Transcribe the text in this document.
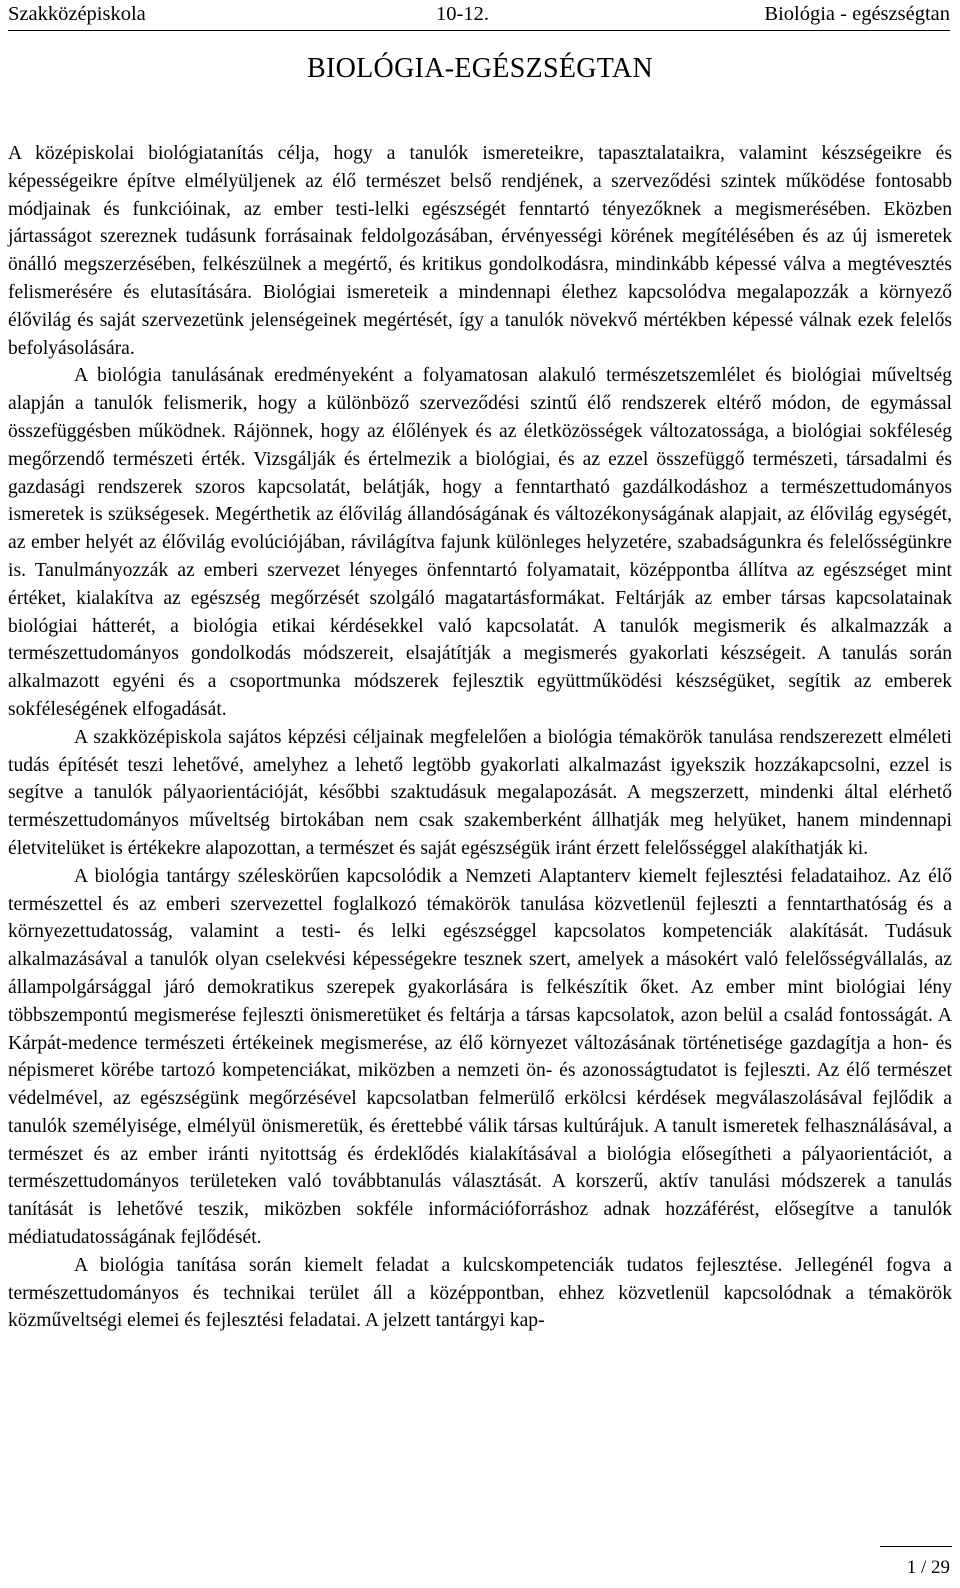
Szakközépiskola	10-12.	Biológia - egészségtan
BIOLÓGIA-EGÉSZSÉGTAN

A középiskolai biológiatanítás célja, hogy a tanulók ismereteikre, tapasztalataikra, valamint készségeikre és képességeikre építve elmélyüljenek az élő természet belső rendjének, a szerveződési szintek működése fontosabb módjainak és funkcióinak, az ember testi-lelki egészségét fenntartó tényezőknek a megismerésében. Eközben jártasságot szereznek tudásunk forrásainak feldolgozásában, érvényességi körének megítélésében és az új ismeretek önálló megszerzésében, felkészülnek a megértő, és kritikus gondolkodásra, mindinkább képessé válva a megtévesztés felismerésére és elutasítására. Biológiai ismereteik a mindennapi élethez kapcsolódva megalapozzák a környező élővilág és saját szervezetünk jelenségeinek megértését, így a tanulók növekvő mértékben képessé válnak ezek felelős befolyásolására.

A biológia tanulásának eredményeként a folyamatosan alakuló természetszemlélet és biológiai műveltség alapján a tanulók felismerik, hogy a különböző szerveződési szintű élő rendszerek eltérő módon, de egymással összefüggésben működnek. Rájönnek, hogy az élőlények és az életközösségek változatossága, a biológiai sokféleség megőrzendő természeti érték. Vizsgálják és értelmezik a biológiai, és az ezzel összefüggő természeti, társadalmi és gazdasági rendszerek szoros kapcsolatát, belátják, hogy a fenntartható gazdálkodáshoz a természettudományos ismeretek is szükségesek. Megérthetik az élővilág állandóságának és változékonyságának alapjait, az élővilág egységét, az ember helyét az élővilág evolúciójában, rávilágítva fajunk különleges helyzetére, szabadságunkra és felelősségünkre is. Tanulmányozzák az emberi szervezet lényeges önfenntartó folyamatait, középpontba állítva az egészséget mint értéket, kialakítva az egészség megőrzését szolgáló magatartásformákat. Feltárják az ember társas kapcsolatainak biológiai hátterét, a biológia etikai kérdésekkel való kapcsolatát. A tanulók megismerik és alkalmazzák a természettudományos gondolkodás módszereit, elsajátítják a megismerés gyakorlati készségeit. A tanulás során alkalmazott egyéni és a csoportmunka módszerek fejlesztik együttműködési készségüket, segítik az emberek sokféleségének elfogadását.

A szakközépiskola sajátos képzési céljainak megfelelően a biológia témakörök tanulása rendszerezett elméleti tudás építését teszi lehetővé, amelyhez a lehető legtöbb gyakorlati alkalmazást igyekszik hozzákapcsolni, ezzel is segítve a tanulók pályaorientációját, későbbi szaktudásuk megalapozását. A megszerzett, mindenki által elérhető természettudományos műveltség birtokában nem csak szakemberként állhatják meg helyüket, hanem mindennapi életvitelüket is értékekre alapozottan, a természet és saját egészségük iránt érzett felelősséggel alakíthatják ki.

A biológia tantárgy széleskörűen kapcsolódik a Nemzeti Alaptanterv kiemelt fejlesztési feladataihoz. Az élő természettel és az emberi szervezettel foglalkozó témakörök tanulása közvetlenül fejleszti a fenntarthatóság és a környezettudatosság, valamint a testi- és lelki egészséggel kapcsolatos kompetenciák alakítását. Tudásuk alkalmazásával a tanulók olyan cselekvési képességekre tesznek szert, amelyek a másokért való felelősségvállalás, az állampolgársággal járó demokratikus szerepek gyakorlására is felkészítik őket. Az ember mint biológiai lény többszempontú megismerése fejleszti önismeretüket és feltárja a társas kapcsolatok, azon belül a család fontosságát. A Kárpát-medence természeti értékeinek megismerése, az élő környezet változásának történetisége gazdagítja a hon- és népismeret körébe tartozó kompetenciákat, miközben a nemzeti ön- és azonosságtudatot is fejleszti. Az élő természet védelmével, az egészségünk megőrzésével kapcsolatban felmerülő erkölcsi kérdések megválaszolásával fejlődik a tanulók személyisége, elmélyül önismeretük, és érettebbé válik társas kultúrájuk. A tanult ismeretek felhasználásával, a természet és az ember iránti nyitottság és érdeklődés kialakításával a biológia elősegítheti a pályaorientációt, a természettudományos területeken való továbbtanulás választását. A korszerű, aktív tanulási módszerek a tanulás tanítását is lehetővé teszik, miközben sokféle információforráshoz adnak hozzáférést, elősegítve a tanulók médiatudatosságának fejlődését.

A biológia tanítása során kiemelt feladat a kulcskompetenciák tudatos fejlesztése. Jellegénél fogva a természettudományos és technikai terület áll a középpontban, ehhez közvetlenül kapcsolódnak a témakörök közműveltségi elemei és fejlesztési feladatai. A jelzett tantárgyi kap-

1 / 29
